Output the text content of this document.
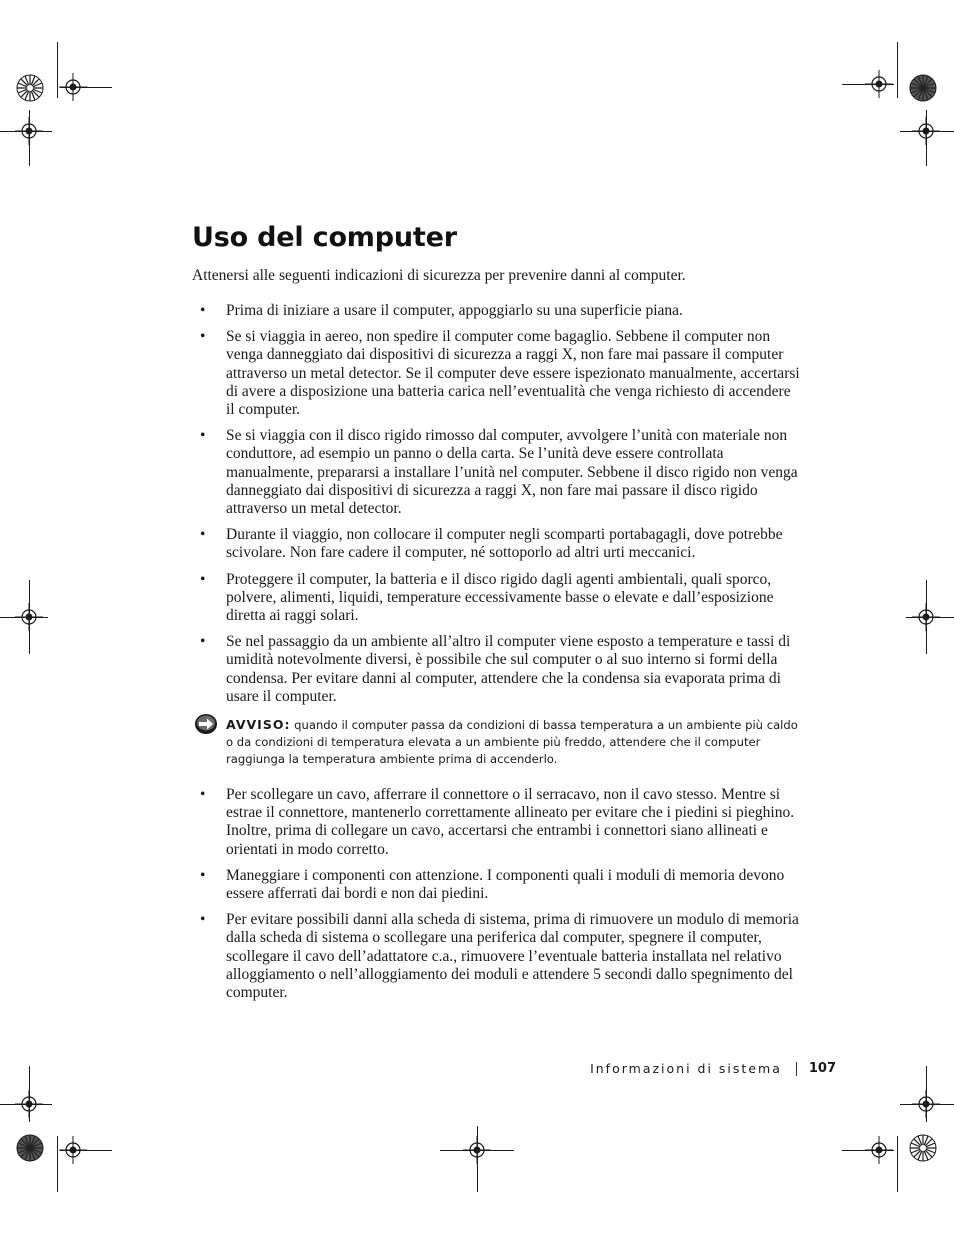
Uso del computer

Attenersi alle seguenti indicazioni di sicurezza per prevenire danni al computer.

• Prima di iniziare a usare il computer, appoggiarlo su una superficie piana.
• Se si viaggia in aereo, non spedire il computer come bagaglio. Sebbene il computer non venga danneggiato dai dispositivi di sicurezza a raggi X, non fare mai passare il computer attraverso un metal detector. Se il computer deve essere ispezionato manualmente, accertarsi di avere a disposizione una batteria carica nell’eventualità che venga richiesto di accendere il computer.
• Se si viaggia con il disco rigido rimosso dal computer, avvolgere l’unità con materiale non conduttore, ad esempio un panno o della carta. Se l’unità deve essere controllata manualmente, prepararsi a installare l’unità nel computer. Sebbene il disco rigido non venga danneggiato dai dispositivi di sicurezza a raggi X, non fare mai passare il disco rigido attraverso un metal detector.
• Durante il viaggio, non collocare il computer negli scomparti portabagagli, dove potrebbe scivolare. Non fare cadere il computer, né sottoporlo ad altri urti meccanici.
• Proteggere il computer, la batteria e il disco rigido dagli agenti ambientali, quali sporco, polvere, alimenti, liquidi, temperature eccessivamente basse o elevate e dall’esposizione diretta ai raggi solari.
• Se nel passaggio da un ambiente all’altro il computer viene esposto a temperature e tassi di umidità notevolmente diversi, è possibile che sul computer o al suo interno si formi della condensa. Per evitare danni al computer, attendere che la condensa sia evaporata prima di usare il computer.
AVVISO: quando il computer passa da condizioni di bassa temperatura a un ambiente più caldo o da condizioni di temperatura elevata a un ambiente più freddo, attendere che il computer raggiunga la temperatura ambiente prima di accenderlo.
• Per scollegare un cavo, afferrare il connettore o il serracavo, non il cavo stesso. Mentre si estrae il connettore, mantenerlo correttamente allineato per evitare che i piedini si pieghino. Inoltre, prima di collegare un cavo, accertarsi che entrambi i connettori siano allineati e orientati in modo corretto.
• Maneggiare i componenti con attenzione. I componenti quali i moduli di memoria devono essere afferrati dai bordi e non dai piedini.
• Per evitare possibili danni alla scheda di sistema, prima di rimuovere un modulo di memoria dalla scheda di sistema o scollegare una periferica dal computer, spegnere il computer, scollegare il cavo dell’adattatore c.a., rimuovere l’eventuale batteria installata nel relativo alloggiamento o nell’alloggiamento dei moduli e attendere 5 secondi dallo spegnimento del computer.
Informazioni di sistema 107
